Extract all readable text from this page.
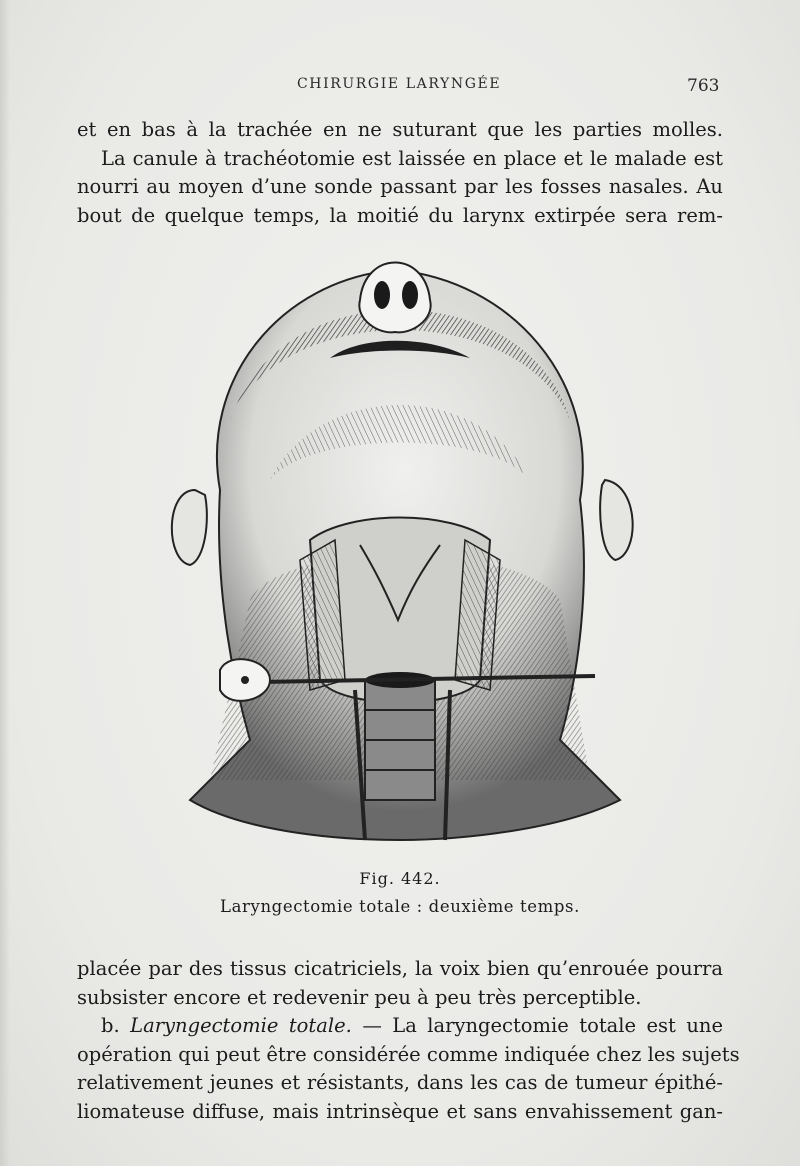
CHIRURGIE LARYNGÉE	763
et en bas à la trachée en ne suturant que les parties molles.
La canule à trachéotomie est laissée en place et le malade est
nourri au moyen d’une sonde passant par les fosses nasales. Au
bout de quelque temps, la moitié du larynx extirpée sera rem-
Fig. 442.
Laryngectomie totale : deuxième temps.
placée par des tissus cicatriciels, la voix bien qu’enrouée pourra
subsister encore et redevenir peu à peu très perceptible.
b. Laryngectomie totale. — La laryngectomie totale est une
opération qui peut être considérée comme indiquée chez les sujets
relativement jeunes et résistants, dans les cas de tumeur épithé-
liomateuse diffuse, mais intrinsèque et sans envahissement gan-
